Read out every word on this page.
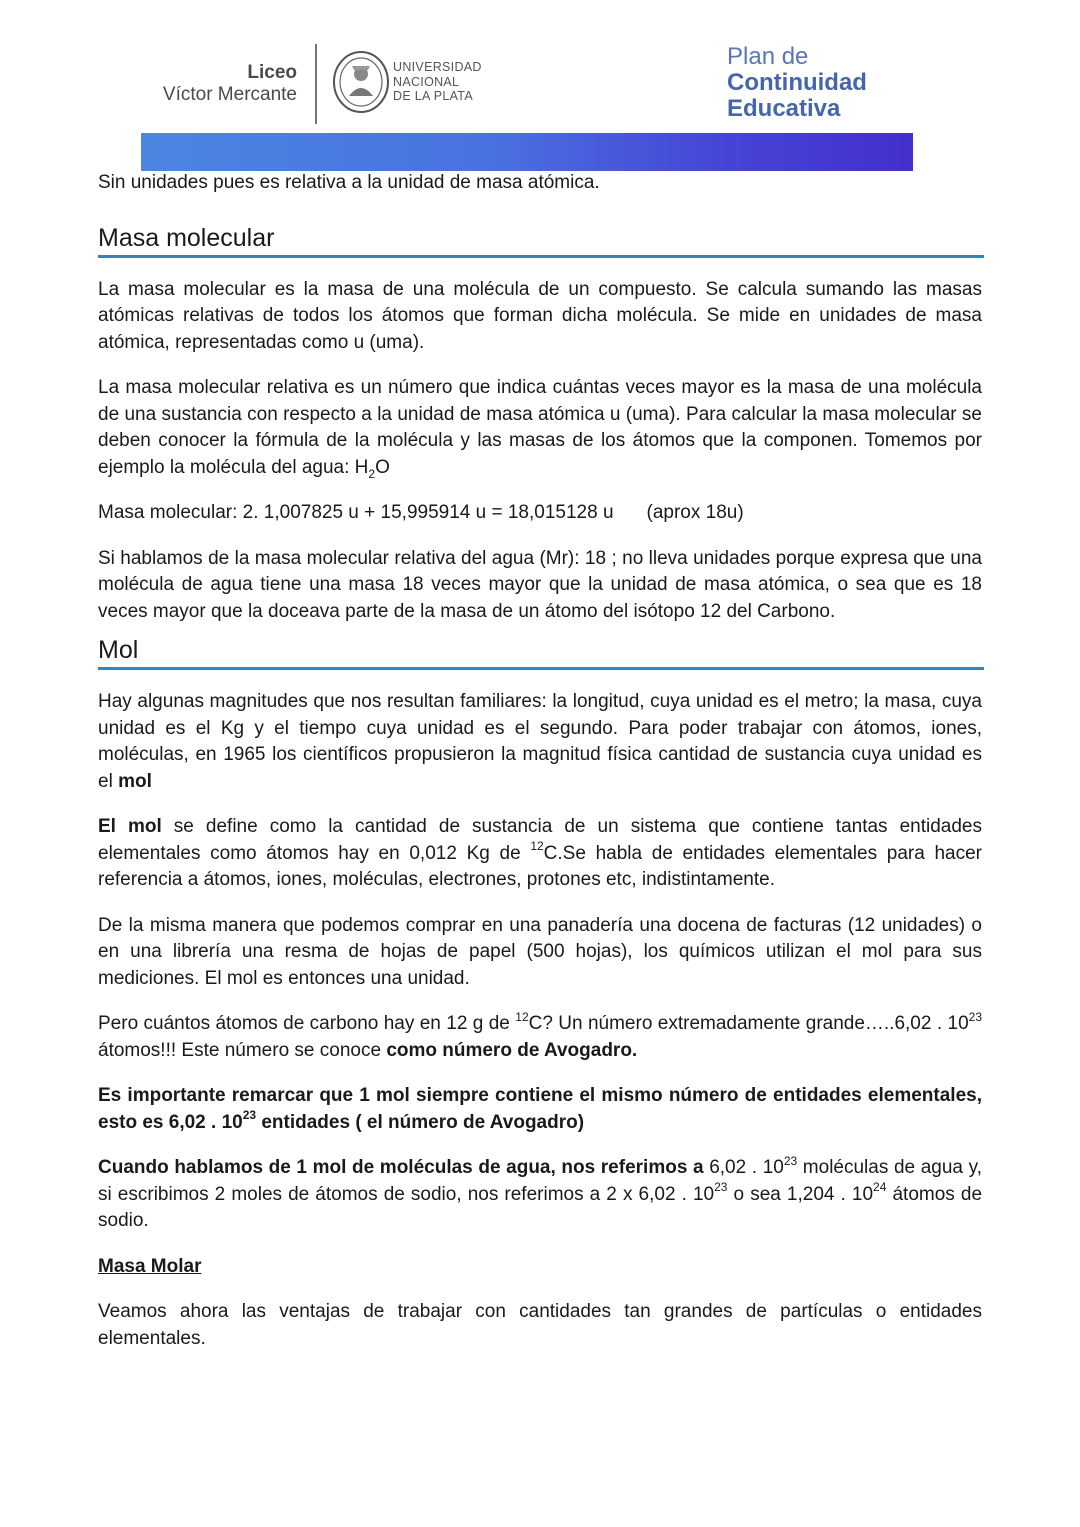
Liceo
Víctor Mercante
UNIVERSIDAD
NACIONAL
DE LA PLATA
Plan de
Continuidad
Educativa

Sin unidades pues es relativa a la unidad de masa atómica.

Masa molecular

La masa molecular es la masa de una molécula de un compuesto. Se calcula sumando las masas atómicas relativas de todos los átomos que forman dicha molécula. Se mide en unidades de masa atómica, representadas como u (uma).

La masa molecular relativa es un número que indica cuántas veces mayor es la masa de una molécula de una sustancia con respecto a la unidad de masa atómica u (uma). Para calcular la masa molecular se deben conocer la fórmula de la molécula y las masas de los átomos que la componen. Tomemos por ejemplo la molécula del agua: $H_2O$

Masa molecular: 2. 1,007825 u + 15,995914 u = 18,015128 u (aprox 18u)

Si hablamos de la masa molecular relativa del agua (Mr): 18 ; no lleva unidades porque expresa que una molécula de agua tiene una masa 18 veces mayor que la unidad de masa atómica, o sea que es 18 veces mayor que la doceava parte de la masa de un átomo del isótopo 12 del Carbono.

Mol

Hay algunas magnitudes que nos resultan familiares: la longitud, cuya unidad es el metro; la masa, cuya unidad es el Kg y el tiempo cuya unidad es el segundo. Para poder trabajar con átomos, iones, moléculas, en 1965 los científicos propusieron la magnitud física cantidad de sustancia cuya unidad es el mol

El mol se define como la cantidad de sustancia de un sistema que contiene tantas entidades elementales como átomos hay en 0,012 Kg de $^{12}$C.Se habla de entidades elementales para hacer referencia a átomos, iones, moléculas, electrones, protones etc, indistintamente.

De la misma manera que podemos comprar en una panadería una docena de facturas (12 unidades) o en una librería una resma de hojas de papel (500 hojas), los químicos utilizan el mol para sus mediciones. El mol es entonces una unidad.

Pero cuántos átomos de carbono hay en 12 g de $^{12}$C? Un número extremadamente grande…..6,02 . $10^{23}$ átomos!!! Este número se conoce como número de Avogadro.

Es importante remarcar que 1 mol siempre contiene el mismo número de entidades elementales, esto es 6,02 . $10^{23}$ entidades ( el número de Avogadro)

Cuando hablamos de 1 mol de moléculas de agua, nos referimos a 6,02 . $10^{23}$ moléculas de agua y, si escribimos 2 moles de átomos de sodio, nos referimos a 2 x 6,02 . $10^{23}$ o sea 1,204 . $10^{24}$ átomos de sodio.

Masa Molar

Veamos ahora las ventajas de trabajar con cantidades tan grandes de partículas o entidades elementales.
